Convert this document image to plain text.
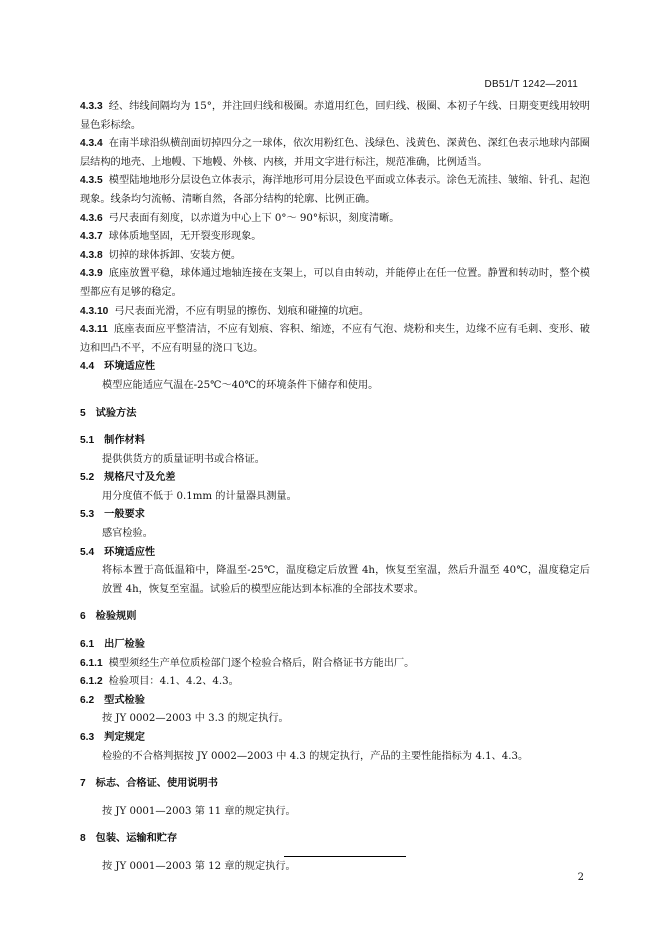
DB51/T 1242—2011

4.3.3 经、纬线间隔均为 15°，并注回归线和极圈。赤道用红色，回归线、极圈、本初子午线、日期变更线用较明显色彩标绘。

4.3.4 在南半球沿纵横剖面切掉四分之一球体，依次用粉红色、浅绿色、浅黄色、深黄色、深红色表示地球内部圈层结构的地壳、上地幔、下地幔、外核、内核，并用文字进行标注，规范准确，比例适当。

4.3.5 模型陆地地形分层设色立体表示，海洋地形可用分层设色平面或立体表示。涂色无流挂、皱缩、针孔、起泡现象。线条均匀流畅、清晰自然，各部分结构的轮廓、比例正确。

4.3.6 弓尺表面有刻度，以赤道为中心上下 0°～ 90°标识，刻度清晰。

4.3.7 球体质地坚固，无开裂变形现象。

4.3.8 切掉的球体拆卸、安装方便。

4.3.9 底座放置平稳，球体通过地轴连接在支架上，可以自由转动，并能停止在任一位置。静置和转动时，整个模型都应有足够的稳定。

4.3.10 弓尺表面光滑，不应有明显的擦伤、划痕和碰撞的坑疤。

4.3.11 底座表面应平整清洁，不应有划痕、容积、缩迹，不应有气泡、烧粉和夹生，边缘不应有毛刺、变形、破边和凹凸不平，不应有明显的浇口飞边。

4.4 环境适应性

模型应能适应气温在-25℃～40℃的环境条件下储存和使用。

5 试验方法

5.1 制作材料

提供供货方的质量证明书或合格证。

5.2 规格尺寸及允差

用分度值不低于 0.1mm 的计量器具测量。

5.3 一般要求

感官检验。

5.4 环境适应性

将标本置于高低温箱中，降温至-25℃，温度稳定后放置 4h，恢复至室温，然后升温至 40℃，温度稳定后放置 4h，恢复至室温。试验后的模型应能达到本标准的全部技术要求。

6 检验规则

6.1 出厂检验

6.1.1 模型须经生产单位质检部门逐个检验合格后，附合格证书方能出厂。

6.1.2 检验项目：4.1、4.2、4.3。

6.2 型式检验

按 JY 0002—2003 中 3.3 的规定执行。

6.3 判定规定

检验的不合格判据按 JY 0002—2003 中 4.3 的规定执行，产品的主要性能指标为 4.1、4.3。

7 标志、合格证、使用说明书

按 JY 0001—2003 第 11 章的规定执行。

8 包装、运输和贮存

按 JY 0001—2003 第 12 章的规定执行。

2
